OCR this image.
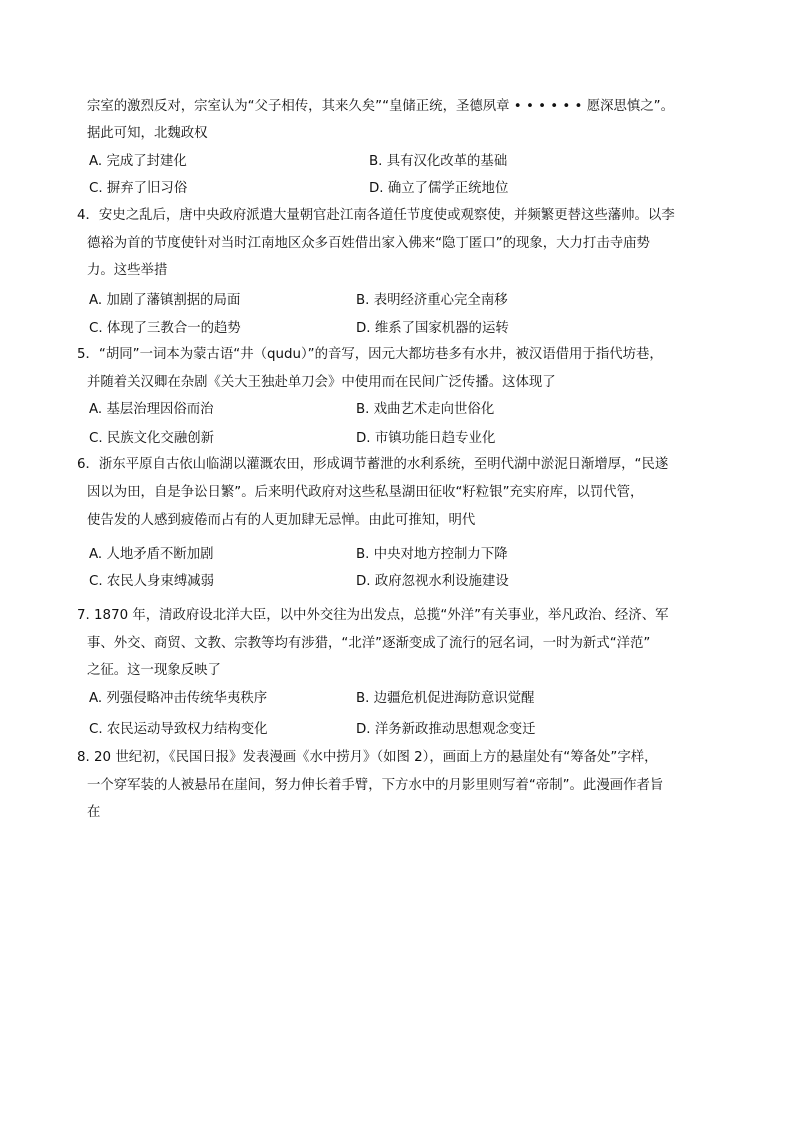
宗室的激烈反对，宗室认为“父子相传，其来久矣”“皇储正统，圣德夙章 • • • • • • 愿深思慎之”。
据此可知，北魏政权
A. 完成了封建化	B. 具有汉化改革的基础
C. 摒弃了旧习俗	D. 确立了儒学正统地位
4．安史之乱后，唐中央政府派遣大量朝官赴江南各道任节度使或观察使，并频繁更替这些藩帅。以李
德裕为首的节度使针对当时江南地区众多百姓借出家入佛来“隐丁匿口”的现象，大力打击寺庙势
力。这些举措
A. 加剧了藩镇割据的局面	B. 表明经济重心完全南移
C. 体现了三教合一的趋势	D. 维系了国家机器的运转
5．“胡同”一词本为蒙古语“井（qudu）”的音写，因元大都坊巷多有水井，被汉语借用于指代坊巷，
并随着关汉卿在杂剧《关大王独赴单刀会》中使用而在民间广泛传播。这体现了
A. 基层治理因俗而治	B. 戏曲艺术走向世俗化
C. 民族文化交融创新	D. 市镇功能日趋专业化
6．浙东平原自古依山临湖以灌溉农田，形成调节蓄泄的水利系统，至明代湖中淤泥日渐增厚，“民遂
因以为田，自是争讼日繁”。后来明代政府对这些私垦湖田征收“籽粒银”充实府库，以罚代管，
使告发的人感到疲倦而占有的人更加肆无忌惮。由此可推知，明代
A. 人地矛盾不断加剧	B. 中央对地方控制力下降
C. 农民人身束缚减弱	D. 政府忽视水利设施建设
7. 1870 年，清政府设北洋大臣，以中外交往为出发点，总揽“外洋”有关事业，举凡政治、经济、军
事、外交、商贸、文教、宗教等均有涉猎，“北洋”逐渐变成了流行的冠名词，一时为新式“洋范”
之征。这一现象反映了
A. 列强侵略冲击传统华夷秩序	B. 边疆危机促进海防意识觉醒
C. 农民运动导致权力结构变化	D. 洋务新政推动思想观念变迁
8. 20 世纪初，《民国日报》发表漫画《水中捞月》（如图 2），画面上方的悬崖处有“筹备处”字样，
一个穿军装的人被悬吊在崖间，努力伸长着手臂，下方水中的月影里则写着“帝制”。此漫画作者旨
在
